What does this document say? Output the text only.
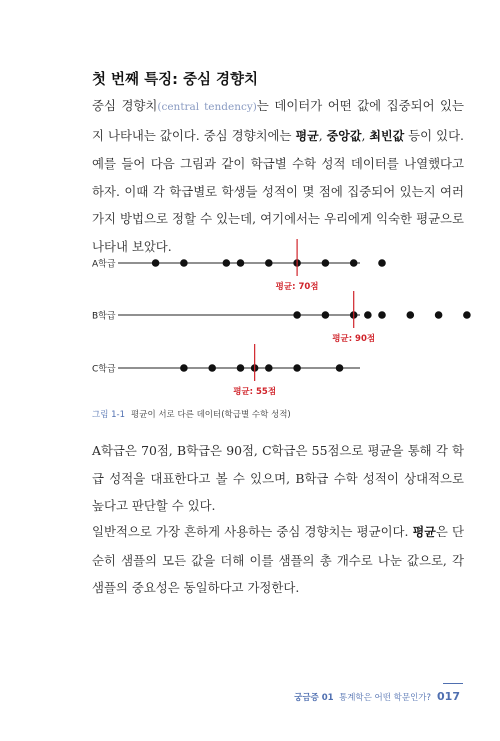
첫 번째 특징: 중심 경향치

중심 경향치(central tendency)는 데이터가 어떤 값에 집중되어 있는지 나타내는 값이다. 중심 경향치에는 평균, 중앙값, 최빈값 등이 있다. 예를 들어 다음 그림과 같이 학급별 수학 성적 데이터를 나열했다고 하자. 이때 각 학급별로 학생들 성적이 몇 점에 집중되어 있는지 여러 가지 방법으로 정할 수 있는데, 여기에서는 우리에게 익숙한 평균으로 나타내 보았다.

A학급
평균: 70점
B학급
평균: 90점
C학급
평균: 55점
그림 1-1 평균이 서로 다른 데이터(학급별 수학 성적)

A학급은 70점, B학급은 90점, C학급은 55점으로 평균을 통해 각 학급 성적을 대표한다고 볼 수 있으며, B학급 수학 성적이 상대적으로 높다고 판단할 수 있다.

일반적으로 가장 흔하게 사용하는 중심 경향치는 평균이다. 평균은 단순히 샘플의 모든 값을 더해 이를 샘플의 총 개수로 나눈 값으로, 각 샘플의 중요성은 동일하다고 가정한다.

궁금증 01 통계학은 어떤 학문인가? 017
